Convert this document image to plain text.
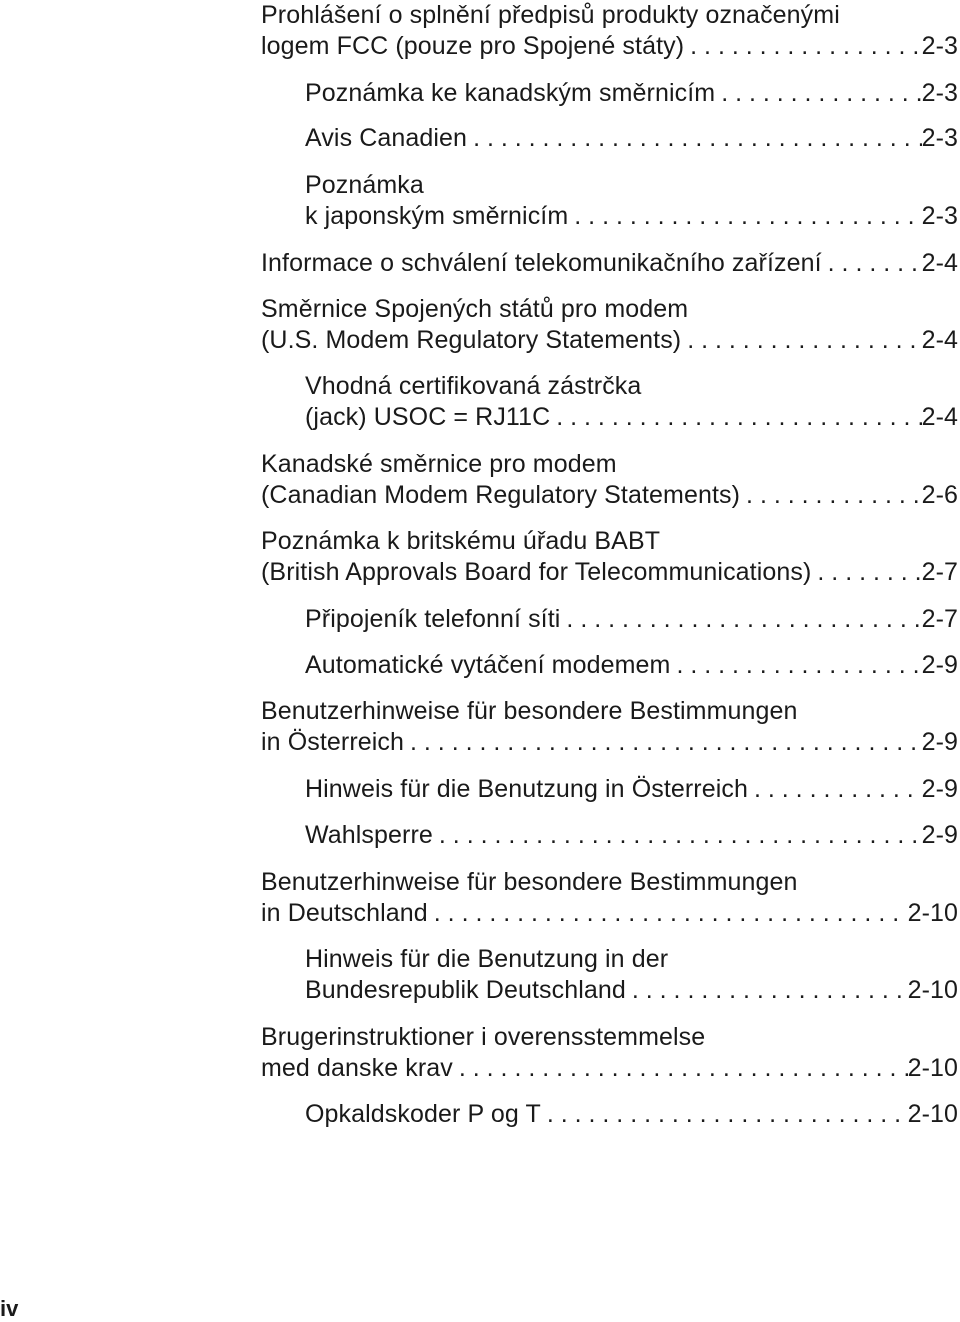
Prohlášení o splnění předpisů produkty označenými
logem FCC (pouze pro Spojené státy) . . .	2-3
Poznámka ke kanadským směrnicím . . .	2-3
Avis Canadien . . .	2-3
Poznámka
k japonským směrnicím . . .	2-3
Informace o schválení telekomunikačního zařízení . . .	2-4
Směrnice Spojených států pro modem
(U.S. Modem Regulatory Statements) . . .	2-4
Vhodná certifikovaná zástrčka
(jack) USOC = RJ11C . . .	2-4
Kanadské směrnice pro modem
(Canadian Modem Regulatory Statements) . . .	2-6
Poznámka k britskému úřadu BABT
(British Approvals Board for Telecommunications) . . .	2-7
Připojeník telefonní síti . . .	2-7
Automatické vytáčení modemem . . .	2-9
Benutzerhinweise für besondere Bestimmungen
in Österreich . . .	2-9
Hinweis für die Benutzung in Österreich . . .	2-9
Wahlsperre . . .	2-9
Benutzerhinweise für besondere Bestimmungen
in Deutschland . . .	2-10
Hinweis für die Benutzung in der
Bundesrepublik Deutschland . . .	2-10
Brugerinstruktioner i overensstemmelse
med danske krav . . .	2-10
Opkaldskoder P og T . . .	2-10
iv
